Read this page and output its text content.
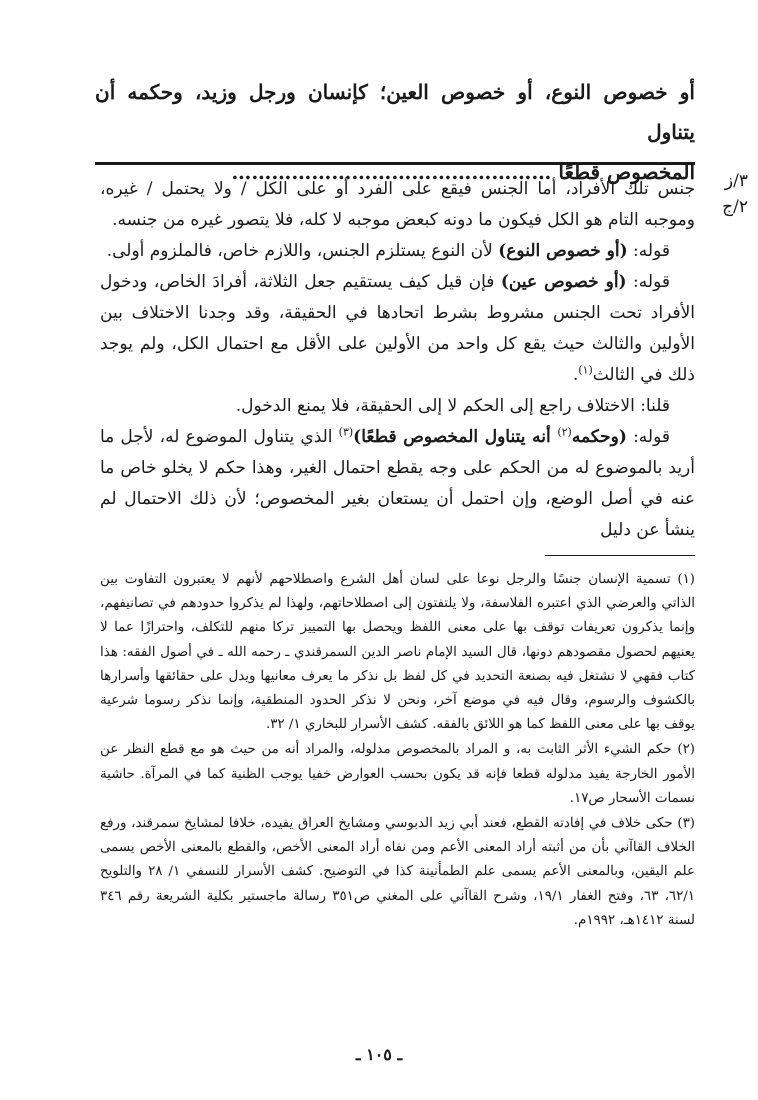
أو خصوص النوع، أو خصوص العين؛ كإنسان ورجل وزيد، وحكمه أن يتناول
المخصوص قطعًا …………………………………………	٣/ز
٢/ج

جنس تلك الأفراد، أما الجنس فيقع على الفرد أو على الكل / ولا يحتمل / غيره، وموجبه التام هو الكل فيكون ما دونه كبعض موجبه لا كله، فلا يتصور غيره من جنسه.

قوله: (أو خصوص النوع) لأن النوع يستلزم الجنس، واللازم خاص، فالملزوم أولى.

قوله: (أو خصوص عين) فإن قيل كيف يستقيم جعل الثلاثة، أفرادَ الخاص، ودخول الأفراد تحت الجنس مشروط بشرط اتحادها في الحقيقة، وقد وجدنا الاختلاف بين الأولين والثالث حيث يقع كل واحد من الأولين على الأقل مع احتمال الكل، ولم يوجد ذلك في الثالث$^{(١)}$.

قلنا: الاختلاف راجع إلى الحكم لا إلى الحقيقة، فلا يمنع الدخول.

قوله: (وحكمه$^{(٢)}$ أنه يتناول المخصوص قطعًا)$^{(٣)}$ الذي يتناول الموضوع له، لأجل ما أريد بالموضوع له من الحكم على وجه يقطع احتمال الغير، وهذا حكم لا يخلو خاص ما عنه في أصل الوضع، وإن احتمل أن يستعان بغير المخصوص؛ لأن ذلك الاحتمال لم ينشأ عن دليل

(١) تسمية الإنسان جنسًا والرجل نوعا على لسان أهل الشرع واصطلاحهم لأنهم لا يعتبرون التفاوت بين الذاتي والعرضي الذي اعتبره الفلاسفة، ولا يلتفتون إلى اصطلاحاتهم، ولهذا لم يذكروا حدودهم في تصانيفهم، وإنما يذكرون تعريفات توقف بها على معنى اللفظ ويحصل بها التمييز تركا منهم للتكلف، واحترازًا عما لا يعنيهم لحصول مقصودهم دونها، قال السيد الإمام ناصر الدين السمرقندي ـ رحمه الله ـ في أصول الفقه: هذا كتاب فقهي لا نشتغل فيه بصنعة التحديد في كل لفظ بل نذكر ما يعرف معانيها ويدل على حقائقها وأسرارها بالكشوف والرسوم، وقال فيه في موضع آخر، ونحن لا نذكر الحدود المنطقية، وإنما نذكر رسوما شرعية يوقف بها على معنى اللفظ كما هو اللائق بالفقه. كشف الأسرار للبخاري ١/ ٣٢.

(٢) حكم الشيء الأثر الثابت به، و المراد بالمخصوص مدلوله، والمراد أنه من حيث هو مع قطع النظر عن الأمور الخارجة يفيد مدلوله قطعا فإنه قد يكون بحسب العوارض خفيا يوجب الظنية كما في المرآة. حاشية نسمات الأسحار ص١٧.

(٣) حكى خلاف في إفادته القطع، فعند أبي زيد الدبوسي ومشايخ العراق يفيده، خلافا لمشايخ سمرقند، ورفع الخلاف القاآني بأن من أثبته أراد المعنى الأعم ومن نفاه أراد المعنى الأخص، والقطع بالمعنى الأخص يسمى علم اليقين، وبالمعنى الأعم يسمى علم الطمأنينة كذا في التوضيح. كشف الأسرار للنسفي ١/ ٢٨ والتلويح ٦٢/١، ٦٣، وفتح الغفار ١٩/١، وشرح القاآني على المغني ص٣٥١ رسالة ماجستير بكلية الشريعة رقم ٣٤٦ لسنة ١٤١٢هـ، ١٩٩٢م.

ـ ١٠٥ ـ
